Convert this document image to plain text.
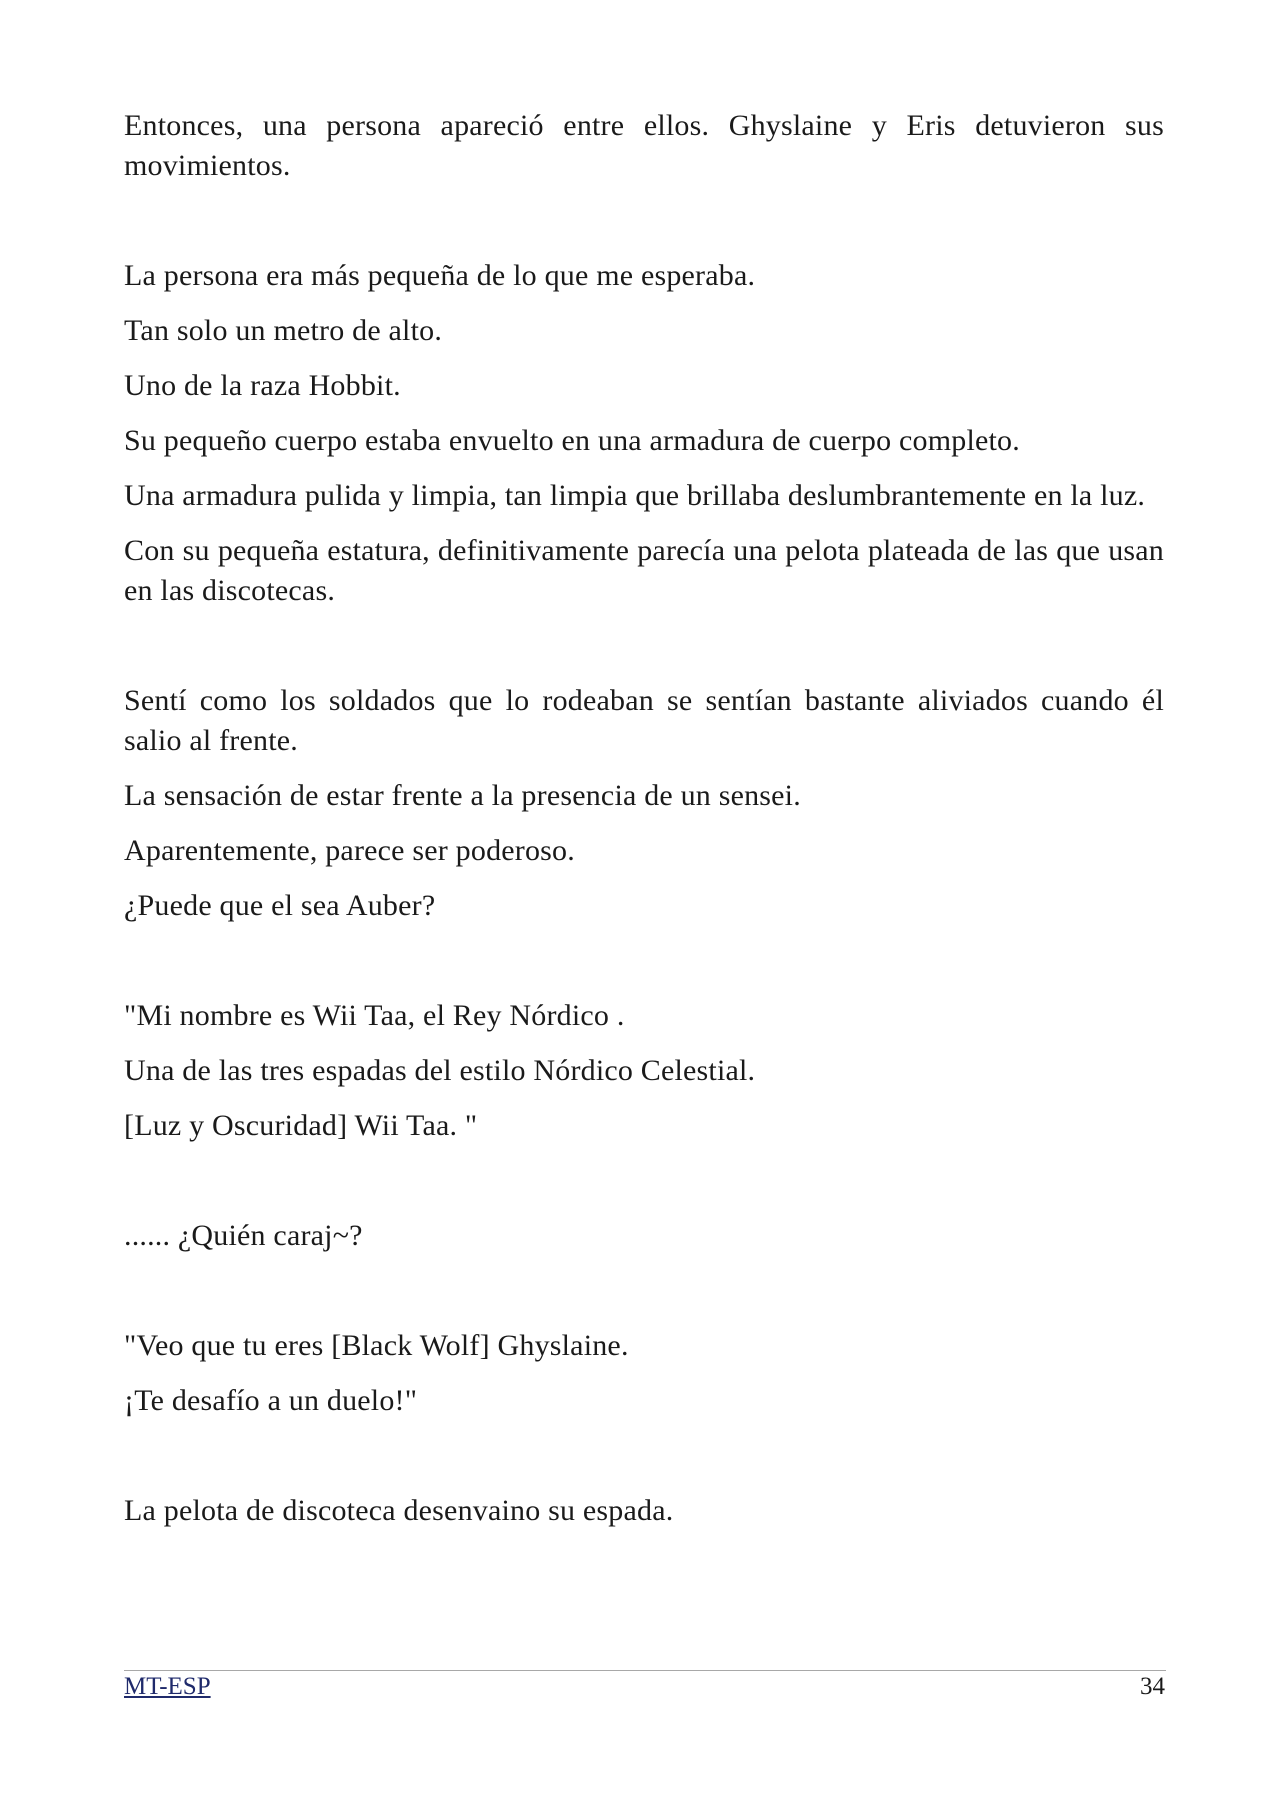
Entonces, una persona apareció entre ellos. Ghyslaine y Eris detuvieron sus movimientos.

La persona era más pequeña de lo que me esperaba.

Tan solo un metro de alto.

Uno de la raza Hobbit.

Su pequeño cuerpo estaba envuelto en una armadura de cuerpo completo.

Una armadura pulida y limpia, tan limpia que brillaba deslumbrantemente en la luz.

Con su pequeña estatura, definitivamente parecía una pelota plateada de las que usan en las discotecas.

Sentí como los soldados que lo rodeaban se sentían bastante aliviados cuando él salio al frente.

La sensación de estar frente a la presencia de un sensei.

Aparentemente, parece ser poderoso.

¿Puede que el sea Auber?

"Mi nombre es Wii Taa, el Rey Nórdico .

Una de las tres espadas del estilo Nórdico Celestial.

[Luz y Oscuridad] Wii Taa. "

...... ¿Quién caraj~?

"Veo que tu eres [Black Wolf] Ghyslaine.

¡Te desafío a un duelo!"

La pelota de discoteca desenvaino su espada.

MT-ESP	34
